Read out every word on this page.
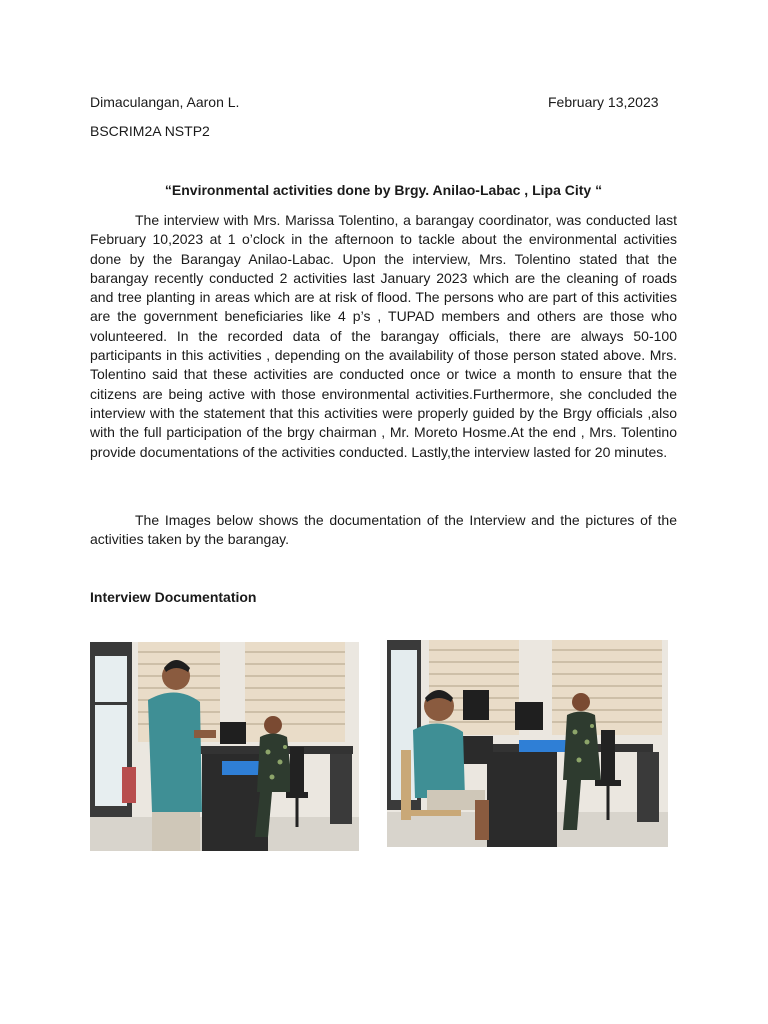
Dimaculangan, Aaron L.	February 13,2023
BSCRIM2A NSTP2
“Environmental activities done by Brgy. Anilao-Labac , Lipa City “

The interview with Mrs. Marissa Tolentino, a barangay coordinator, was conducted last February 10,2023 at 1 o’clock in the afternoon to tackle about the environmental activities done by the Barangay Anilao-Labac. Upon the interview, Mrs. Tolentino stated that the barangay recently conducted 2 activities last January 2023 which are the cleaning of roads and tree planting in areas which are at risk of flood. The persons who are part of this activities are the government beneficiaries like 4 p’s , TUPAD members and others are those who volunteered. In the recorded data of the barangay officials, there are always 50-100 participants in this activities , depending on the availability of those person stated above. Mrs. Tolentino said that these activities are conducted once or twice a month to ensure that the citizens are being active with those environmental activities.Furthermore, she concluded the interview with the statement that this activities were properly guided by the Brgy officials ,also with the full participation of the brgy chairman , Mr. Moreto Hosme.At the end , Mrs. Tolentino provide documentations of the activities conducted. Lastly,the interview lasted for 20 minutes.

The Images below shows the documentation of the Interview and the pictures of the activities taken by the barangay.

Interview Documentation
